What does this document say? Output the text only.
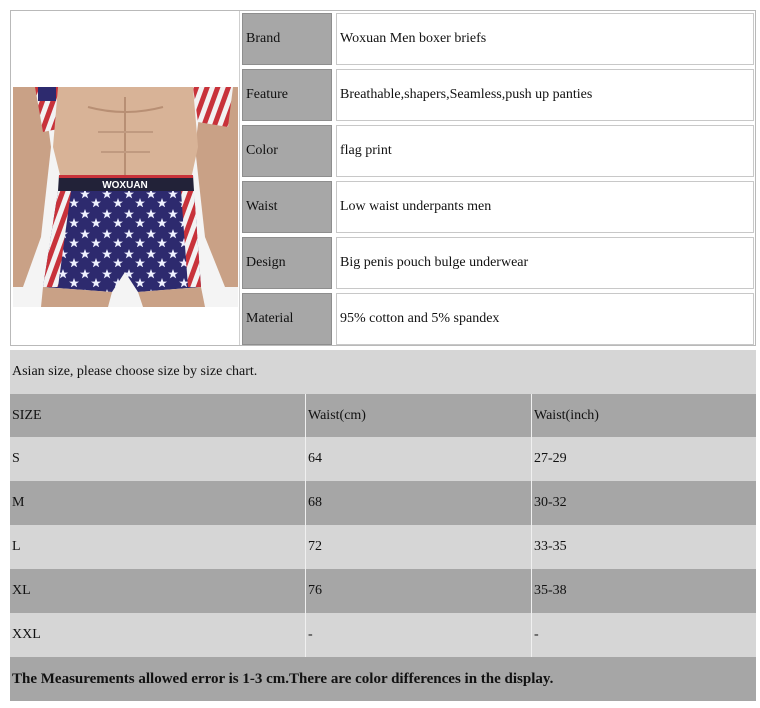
WOXUAN
Brand	Woxuan Men boxer briefs
Feature	Breathable,shapers,Seamless,push up panties
Color	flag print
Waist	Low waist underpants men
Design	Big penis pouch bulge underwear
Material	95% cotton and 5% spandex
Asian size, please choose size by size chart.
SIZE	Waist(cm)	Waist(inch)
S	64	27-29
M	68	30-32
L	72	33-35
XL	76	35-38
XXL	-	-
The Measurements allowed error is 1-3 cm.There are color differences in the display.
